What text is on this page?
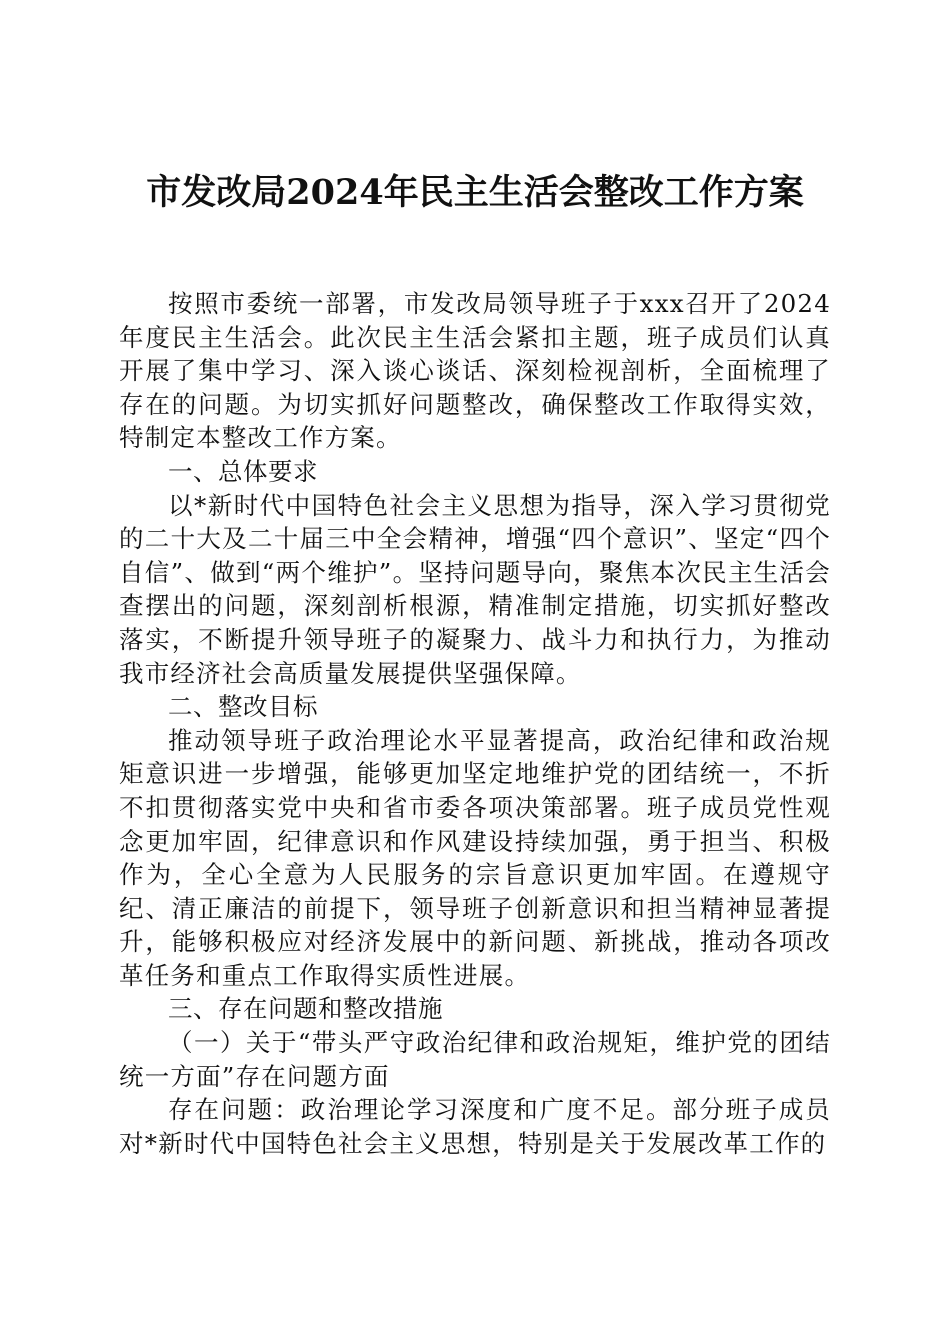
市发改局2024年民主生活会整改工作方案

按照市委统一部署，市发改局领导班子于xxx召开了2024年度民主生活会。此次民主生活会紧扣主题，班子成员们认真开展了集中学习、深入谈心谈话、深刻检视剖析，全面梳理了存在的问题。为切实抓好问题整改，确保整改工作取得实效，特制定本整改工作方案。

一、总体要求

以*新时代中国特色社会主义思想为指导，深入学习贯彻党的二十大及二十届三中全会精神，增强“四个意识”、坚定“四个自信”、做到“两个维护”。坚持问题导向，聚焦本次民主生活会查摆出的问题，深刻剖析根源，精准制定措施，切实抓好整改落实，不断提升领导班子的凝聚力、战斗力和执行力，为推动我市经济社会高质量发展提供坚强保障。

二、整改目标

推动领导班子政治理论水平显著提高，政治纪律和政治规矩意识进一步增强，能够更加坚定地维护党的团结统一，不折不扣贯彻落实党中央和省市委各项决策部署。班子成员党性观念更加牢固，纪律意识和作风建设持续加强，勇于担当、积极作为，全心全意为人民服务的宗旨意识更加牢固。在遵规守纪、清正廉洁的前提下，领导班子创新意识和担当精神显著提升，能够积极应对经济发展中的新问题、新挑战，推动各项改革任务和重点工作取得实质性进展。

三、存在问题和整改措施

（一）关于“带头严守政治纪律和政治规矩，维护党的团结统一方面”存在问题方面

存在问题：政治理论学习深度和广度不足。部分班子成员对*新时代中国特色社会主义思想，特别是关于发展改革工作的
